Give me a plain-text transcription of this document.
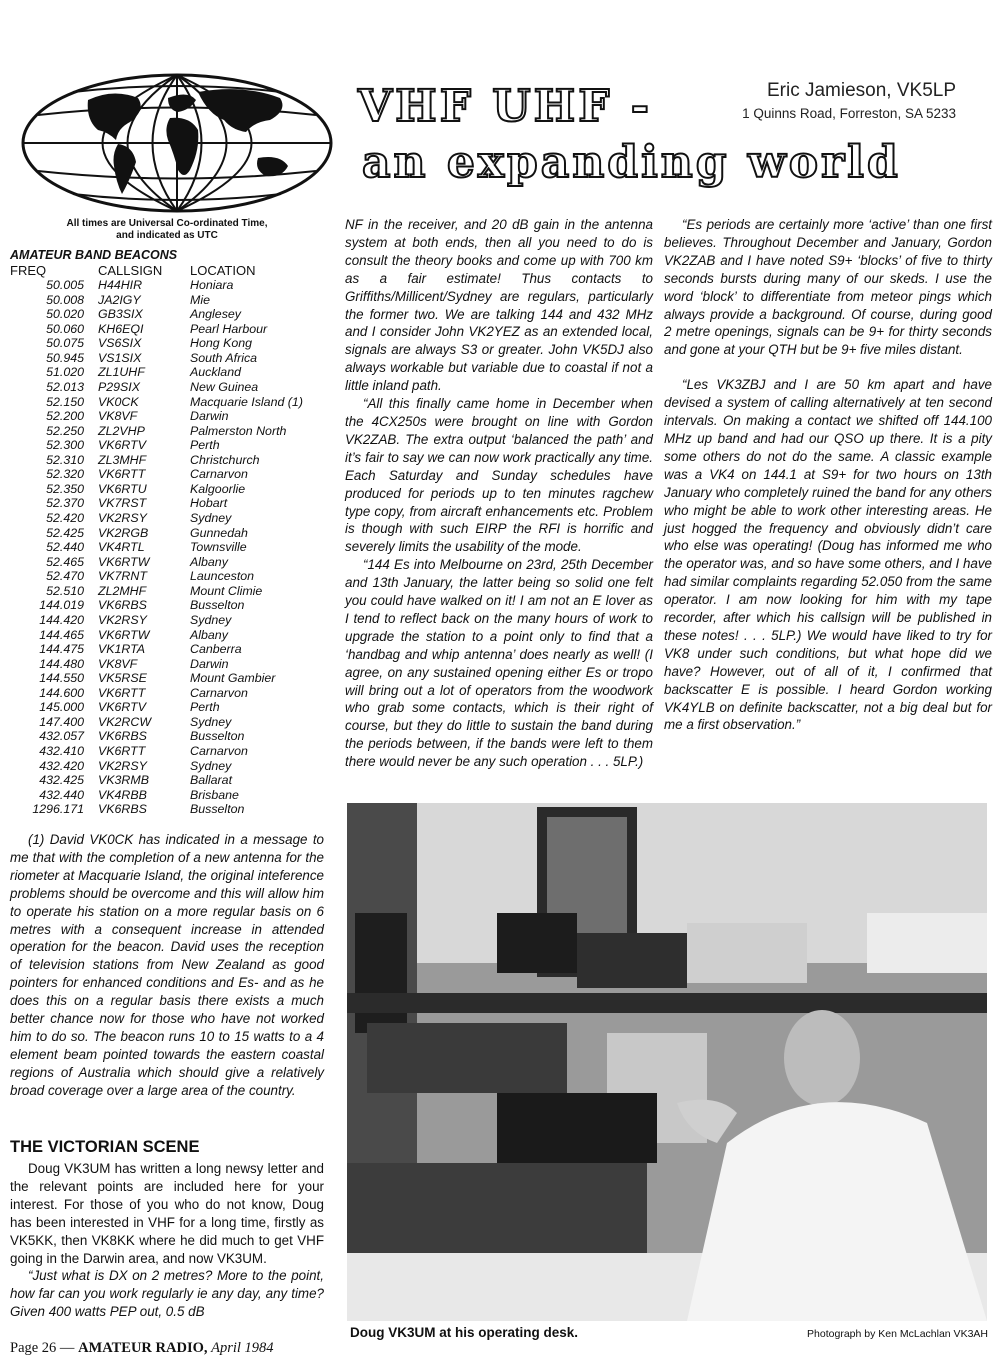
VHF UHF -
an expanding world
Eric Jamieson, VK5LP
1 Quinns Road, Forreston, SA 5233
All times are Universal Co-ordinated Time,
and indicated as UTC
AMATEUR BAND BEACONS
FREQ	CALLSIGN	LOCATION
50.005	H44HIR	Honiara
50.008	JA2IGY	Mie
50.020	GB3SIX	Anglesey
50.060	KH6EQI	Pearl Harbour
50.075	VS6SIX	Hong Kong
50.945	VS1SIX	South Africa
51.020	ZL1UHF	Auckland
52.013	P29SIX	New Guinea
52.150	VK0CK	Macquarie Island (1)
52.200	VK8VF	Darwin
52.250	ZL2VHP	Palmerston North
52.300	VK6RTV	Perth
52.310	ZL3MHF	Christchurch
52.320	VK6RTT	Carnarvon
52.350	VK6RTU	Kalgoorlie
52.370	VK7RST	Hobart
52.420	VK2RSY	Sydney
52.425	VK2RGB	Gunnedah
52.440	VK4RTL	Townsville
52.465	VK6RTW	Albany
52.470	VK7RNT	Launceston
52.510	ZL2MHF	Mount Climie
144.019	VK6RBS	Busselton
144.420	VK2RSY	Sydney
144.465	VK6RTW	Albany
144.475	VK1RTA	Canberra
144.480	VK8VF	Darwin
144.550	VK5RSE	Mount Gambier
144.600	VK6RTT	Carnarvon
145.000	VK6RTV	Perth
147.400	VK2RCW	Sydney
432.057	VK6RBS	Busselton
432.410	VK6RTT	Carnarvon
432.420	VK2RSY	Sydney
432.425	VK3RMB	Ballarat
432.440	VK4RBB	Brisbane
1296.171	VK6RBS	Busselton

(1) David VK0CK has indicated in a message to me that with the completion of a new antenna for the riometer at Macquarie Island, the original inteference problems should be overcome and this will allow him to operate his station on a more regular basis on 6 metres with a consequent increase in attended operation for the beacon. David uses the reception of television stations from New Zealand as good pointers for enhanced conditions and Es- and as he does this on a regular basis there exists a much better chance now for those who have not worked him to do so. The beacon runs 10 to 15 watts to a 4 element beam pointed towards the eastern coastal regions of Australia which should give a relatively broad coverage over a large area of the country.

THE VICTORIAN SCENE

Doug VK3UM has written a long newsy letter and the relevant points are included here for your interest. For those of you who do not know, Doug has been interested in VHF for a long time, firstly as VK5KK, then VK8KK where he did much to get VHF going in the Darwin area, and now VK3UM.

“Just what is DX on 2 metres? More to the point, how far can you work regularly ie any day, any time? Given 400 watts PEP out, 0.5 dB

NF in the receiver, and 20 dB gain in the antenna system at both ends, then all you need to do is consult the theory books and come up with 700 km as a fair estimate! Thus contacts to Griffiths/Millicent/Sydney are regulars, particularly the former two. We are talking 144 and 432 MHz and I consider John VK2YEZ as an extended local, signals are always S3 or greater. John VK5DJ also always workable but variable due to coastal if not a little inland path.

“All this finally came home in December when the 4CX250s were brought on line with Gordon VK2ZAB. The extra output ‘balanced the path’ and it’s fair to say we can now work practically any time. Each Saturday and Sunday schedules have produced for periods up to ten minutes ragchew type copy, from aircraft enhancements etc. Problem is though with such EIRP the RFI is horrific and severely limits the usability of the mode.

“144 Es into Melbourne on 23rd, 25th December and 13th January, the latter being so solid one felt you could have walked on it! I am not an E lover as I tend to reflect back on the many hours of work to upgrade the station to a point only to find that a ‘handbag and whip antenna’ does nearly as well! (I agree, on any sustained opening either Es or tropo will bring out a lot of operators from the woodwork who grab some contacts, which is their right of course, but they do little to sustain the band during the periods between, if the bands were left to them there would never be any such operation . . . 5LP.)

“Es periods are certainly more ‘active’ than one first believes. Throughout December and January, Gordon VK2ZAB and I have noted S9+ ‘blocks’ of five to thirty seconds bursts during many of our skeds. I use the word ‘block’ to differentiate from meteor pings which always provide a background. Of course, during good 2 metre openings, signals can be 9+ for thirty seconds and gone at your QTH but be 9+ five miles distant.

“Les VK3ZBJ and I are 50 km apart and have devised a system of calling alternatively at ten second intervals. On making a contact we shifted off 144.100 MHz up band and had our QSO up there. It is a pity some others do not do the same. A classic example was a VK4 on 144.1 at S9+ for two hours on 13th January who completely ruined the band for any others who might be able to work other interesting areas. He just hogged the frequency and obviously didn’t care who else was operating! (Doug has informed me who the operator was, and so have some others, and I have had similar complaints regarding 52.050 from the same operator. I am now looking for him with my tape recorder, after which his callsign will be published in these notes! . . . 5LP.) We would have liked to try for VK8 under such conditions, but what hope did we have? However, out of all of it, I confirmed that backscatter E is possible. I heard Gordon working VK4YLB on definite backscatter, not a big deal but for me a first observation.”

Doug VK3UM at his operating desk.	Photograph by Ken McLachlan VK3AH
Page 26 — AMATEUR RADIO, April 1984
